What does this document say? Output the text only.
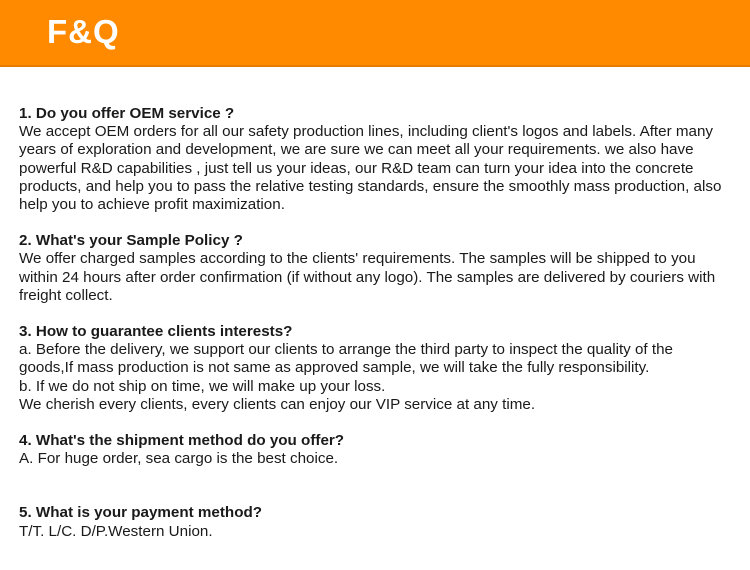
F&Q
1. Do you offer OEM service ?
We accept OEM orders for all our safety production lines, including client's logos and labels. After many years of exploration and development, we are sure we can meet all your requirements. we also have powerful R&D capabilities , just tell us your ideas, our R&D team can turn your idea into the concrete products, and help you to pass the relative testing standards, ensure the smoothly mass production, also help you to achieve profit maximization.
2. What's your Sample Policy ?
We offer charged samples according to the clients' requirements. The samples will be shipped to you within 24 hours after order confirmation (if without any logo). The samples are delivered by couriers with freight collect.
3. How to guarantee clients interests?
a. Before the delivery, we support our clients to arrange the third party to inspect the quality of the goods,If mass production is not same as approved sample, we will take the fully responsibility.
b. If we do not ship on time, we will make up your loss.
We cherish every clients, every clients can enjoy our VIP service at any time.
4. What's the shipment method do you offer?
A. For huge order, sea cargo is the best choice.
5. What is your payment method?
T/T. L/C. D/P.Western Union.
